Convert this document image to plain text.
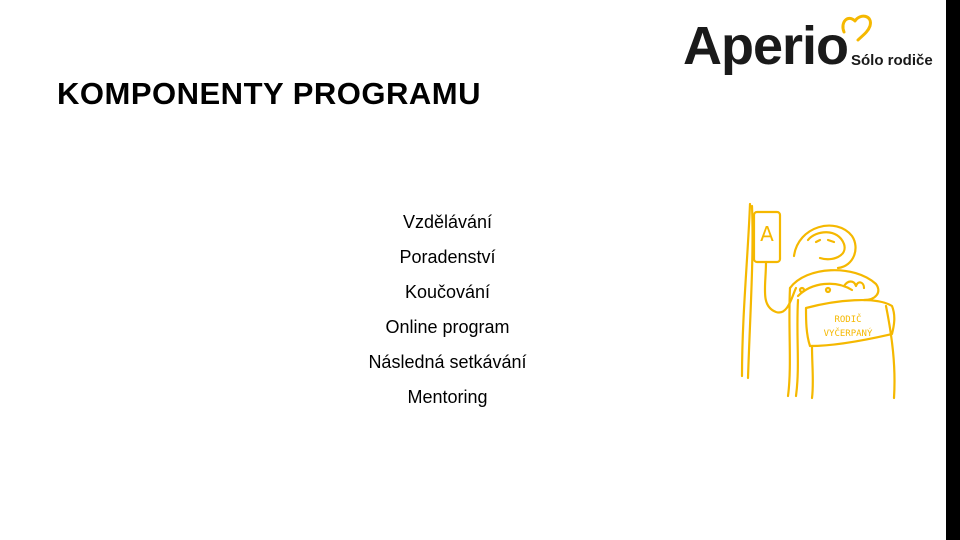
KOMPONENTY PROGRAMU
Aperio Sólo rodiče
Vzdělávání
Poradenství
Koučování
Online program
Následná setkávání
Mentoring
A
RODIČ
VYČERPANÝ
